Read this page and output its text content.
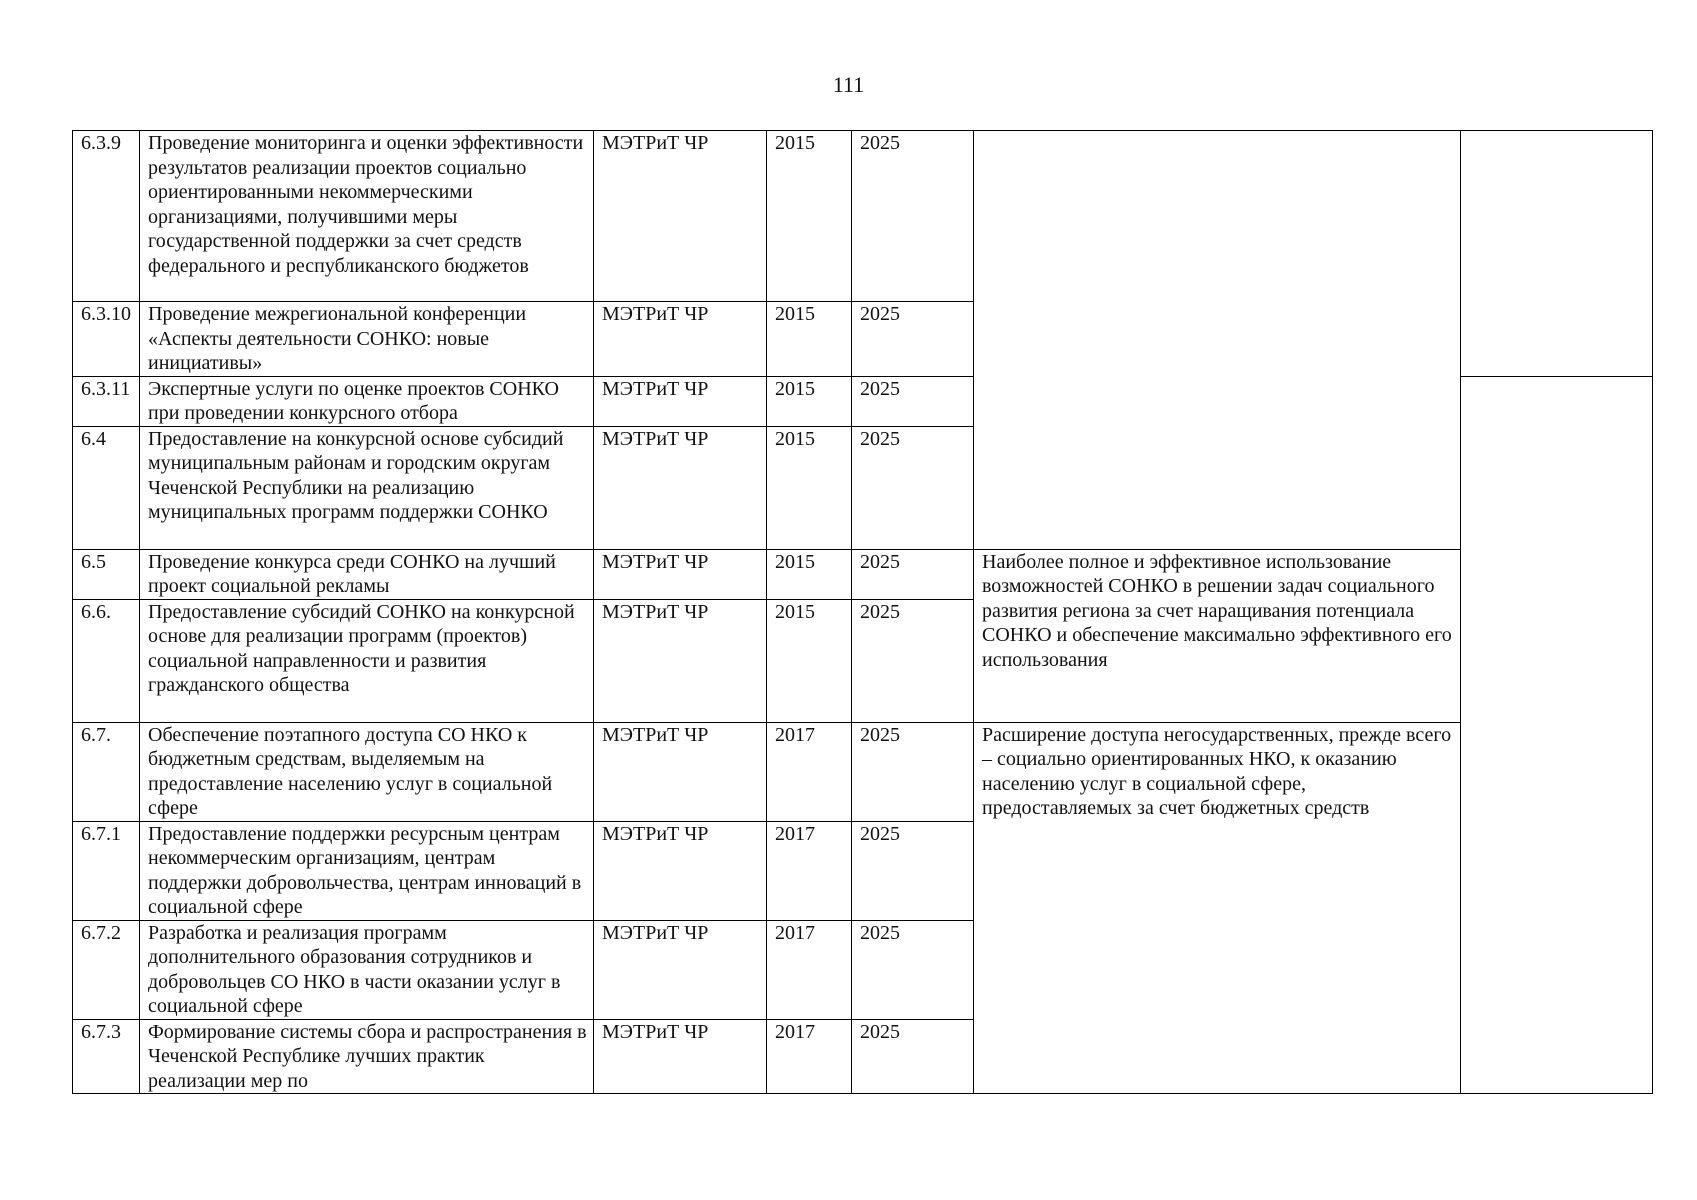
111
6.3.9	Проведение мониторинга и оценки эффективности результатов реализации проектов социально ориентированными некоммерческими организациями, получившими меры государственной поддержки за счет средств федерального и республиканского бюджетов	МЭТРиТ ЧР	2015	2025		
6.3.10	Проведение межрегиональной конференции «Аспекты деятельности СОНКО: новые инициативы»	МЭТРиТ ЧР	2015	2025		
6.3.11	Экспертные услуги по оценке проектов СОНКО при проведении конкурсного отбора	МЭТРиТ ЧР	2015	2025		
6.4	Предоставление на конкурсной основе субсидий муниципальным районам и городским округам Чеченской Республики на реализацию муниципальных программ поддержки СОНКО	МЭТРиТ ЧР	2015	2025		
6.5	Проведение конкурса среди СОНКО на лучший проект социальной рекламы	МЭТРиТ ЧР	2015	2025	Наиболее полное и эффективное использование возможностей СОНКО в решении задач социального развития региона за счет наращивания потенциала СОНКО и обеспечение максимально эффективного его использования	
6.6.	Предоставление субсидий СОНКО на конкурсной основе для реализации программ (проектов) социальной направленности и развития гражданского общества	МЭТРиТ ЧР	2015	2025		
6.7.	Обеспечение поэтапного доступа СО НКО к бюджетным средствам, выделяемым на предоставление населению услуг в социальной сфере	МЭТРиТ ЧР	2017	2025	Расширение доступа негосударственных, прежде всего – социально ориентированных НКО, к оказанию населению услуг в социальной сфере, предоставляемых за счет бюджетных средств	
6.7.1	Предоставление поддержки ресурсным центрам некоммерческим организациям, центрам поддержки добровольчества, центрам инноваций в социальной сфере	МЭТРиТ ЧР	2017	2025		
6.7.2	Разработка и реализация программ дополнительного образования сотрудников и добровольцев СО НКО в части оказании услуг в социальной сфере	МЭТРиТ ЧР	2017	2025		
6.7.3	Формирование системы сбора и распространения в Чеченской Республике лучших практик реализации мер по	МЭТРиТ ЧР	2017	2025		
